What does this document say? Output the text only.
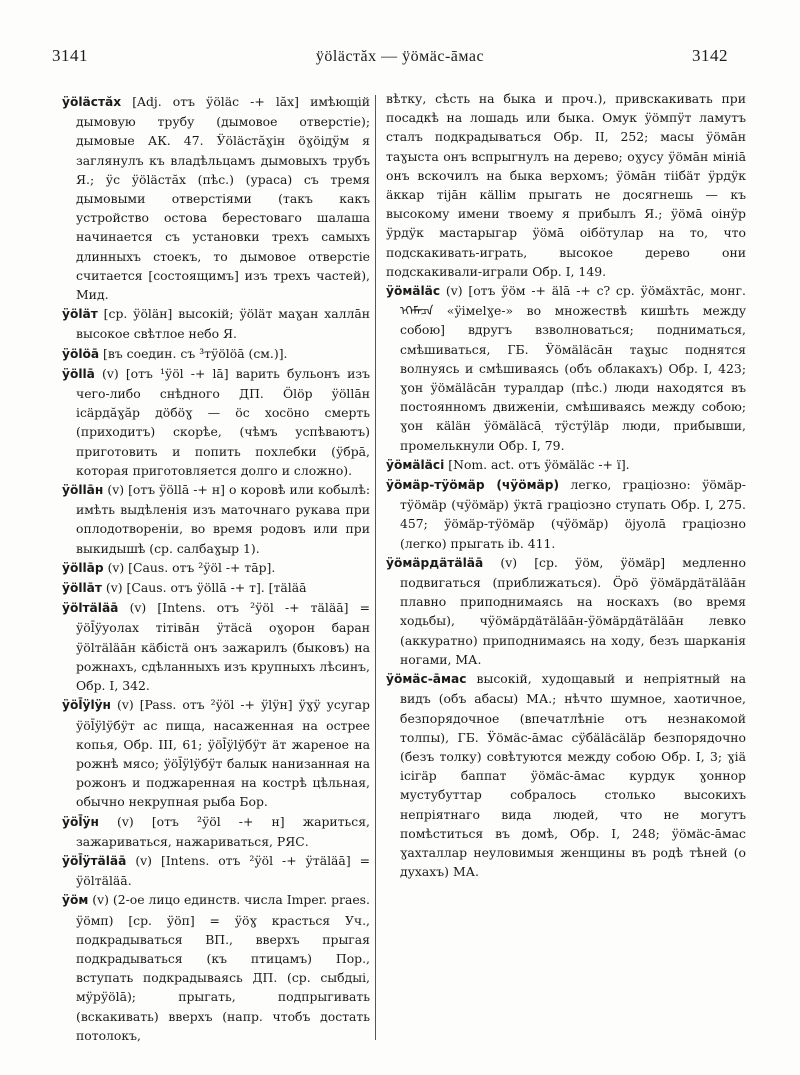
3141	ӱöläcтăx — ӱöмäс-āмас	3142

ӱöläcтăx [Adj. отъ ӱöläc -+ lăx] имѣющій дымовую трубу (дымовое отверстіе); дымовые АК. 47. Ӱöläcтăɣiн öɣöiдӱм я заглянулъ къ владѣльцамъ дымовыхъ трубъ Я.; ӱс ӱöläcтăx (пѣс.) (ураса) съ тремя дымовыми отверстіями (такъ какъ устройство остова берестоваго шалаша начинается съ установки трехъ самыхъ длинныхъ стоекъ, то дымовое отверстіе считается [состоящимъ] изъ трехъ частей), Мид.

ӱöläт [ср. ӱöläн] высокій; ӱöläт маɣан халлāн высокое свѣтлое небо Я.

ӱölöā [въ соедин. съ ³тӱölöā (см.)].

ӱöllā (v) [отъ ¹ӱöl -+ lā] варить бульонъ изъ чего-либо снѣдного ДП. Ölöp ӱöllāн icäpдăɣăp дöбöɣ — öс хосöно смерть (приходитъ) скорѣе, (чѣмъ успѣваютъ) приготовить и попить похлебки (ӱбрā, которая приготовляется долго и сложно).

ӱöllāн (v) [отъ ӱöllā -+ н] о коровѣ или кобылѣ: имѣть выдѣленія изъ маточнаго рукава при оплодотвореніи, во время родовъ или при выкидышѣ (ср. салбаɣыр 1).

ӱöllāр (v) [Caus. отъ ²ӱöl -+ тāр].

ӱöllāт (v) [Caus. отъ ӱöllā -+ т]. [тäläā

ӱölтäläā (v) [Intens. отъ ²ӱöl -+ тäläā] = ӱöl̄ӱуолах тiтiвāн ӱтäcä оɣорон баран ӱölтäläāн кäбiстä онъ зажарилъ (быковъ) на рожнахъ, сдѣланныхъ изъ крупныхъ лѣсинъ, Обр. I, 342.

ӱöl̄ӱlӱн (v) [Pass. отъ ²ӱöl -+ ӱlӱн] ӱɣӱ усугар ӱöl̄ӱlӱбӱт ас пища, насаженная на острее копья, Обр. III, 61; ӱöl̄ӱlӱбӱт äт жареное на рожнѣ мясо; ӱöl̄ӱlӱбӱт балык нанизанная на рожонъ и поджаренная на кострѣ цѣльная, обычно некрупная рыба Бор.

ӱöl̄ӱн (v) [отъ ²ӱöl -+ н] жариться, зажариваться, нажариваться, РЯС.

ӱöl̄ӱтäläā (v) [Intens. отъ ²ӱöl -+ ӱтäläā] = ӱölтäläā.

ӱöм (v) (2-ое лицо единств. числа Imper. praes. ӱöмп) [ср. ӱöп] = ӱöɣ красться Уч., подкрадываться ВП., вверхъ прыгая подкрадываться (къ птицамъ) Пор., вступать подкрадываясь ДП. (ср. сыбдыi, мӱрӱölā); прыгать, подпрыгивать (вскакивать) вверхъ (напр. чтобъ достать потолокъ,

вѣтку, сѣсть на быка и проч.), привскакивать при посадкѣ на лошадь или быка. Омук ӱöмпӱт ламутъ сталъ подкрадываться Обр. II, 252; масы ӱöмāн таɣыста онъ вспрыгнулъ на дерево; оɣусу ӱöмāн мiнiā онъ вскочилъ на быка верхомъ; ӱöмāн тiiбäт ӱрдӱк äккар тijāн кällім прыгать не досягнешь — къ высокому имени твоему я прибылъ Я.; ӱöмā oiнӱр ӱрдӱк мастарыгар ӱöмā oiбӧтулар на то, что подскакивать-играть, высокое дерево они подскакивали-играли Обр. I, 149.

ӱöмäläc (v) [отъ ӱöм -+ älā -+ c? ср. ӱöмäxтāc, монг. ᠡᠭᠡᠮᠡᠴᠡ «ӱiмеlɣе-» во множествѣ кишѣть между собою] вдругъ взволноваться; подниматься, смѣшиваться, ГБ. Ӱöмäläcāн таɣыс поднятся волнуясь и смѣшиваясь (объ облакахъ) Обр. I, 423; ɣон ӱöмäläcāн туралдар (пѣс.) люди находятся въ постоянномъ движеніи, смѣшиваясь между собою; ɣон кäläн ӱöмäläcā ̣тӱстӱläр люди, прибывши, промелькнули Обр. I, 79.

ӱöмäläci [Nom. act. отъ ӱöмäläc -+ ï].

ӱöмäр-тӱöмäр (чӱöмäр) легко, граціозно: ӱöмäр-тӱöмäр (чӱöмäр) ӱктā граціозно ступать Обр. I, 275. 457; ӱöмäр-тӱöмäр (чӱöмäр) öjуолā граціозно (легко) прыгать ib. 411.

ӱöмäрдäтäläā (v) [ср. ӱöм, ӱöмäр] медленно подвигаться (приближаться). Öpö ӱöмäрдäтäläāн плавно приподнимаясь на носкахъ (во время ходьбы), чӱöмäрдäтäläāн-ӱöмäрдäтäläāн левко (аккуратно) приподнимаясь на ходу, безъ шарканія ногами, МА.

ӱöмäс-āмас высокій, худощавый и непріятный на видъ (объ абасы) МА.; нѣчто шумное, хаотичное, безпорядочное (впечатлѣніе отъ незнакомой толпы), ГБ. Ӱöмäс-āмас сӱбäläcäläp безпорядочно (безъ толку) совѣтуются между собою Обр. I, 3; ɣiä icігäр баппат ӱöмäс-āмас курдук ɣоннор мустубуттар собралось столько высокихъ непріятнаго вида людей, что не могутъ помѣститься въ домѣ, Обр. I, 248; ӱöмäс-āмас ɣахталлар неуловимыя женщины въ родѣ тѣней (о духахъ) МА.
